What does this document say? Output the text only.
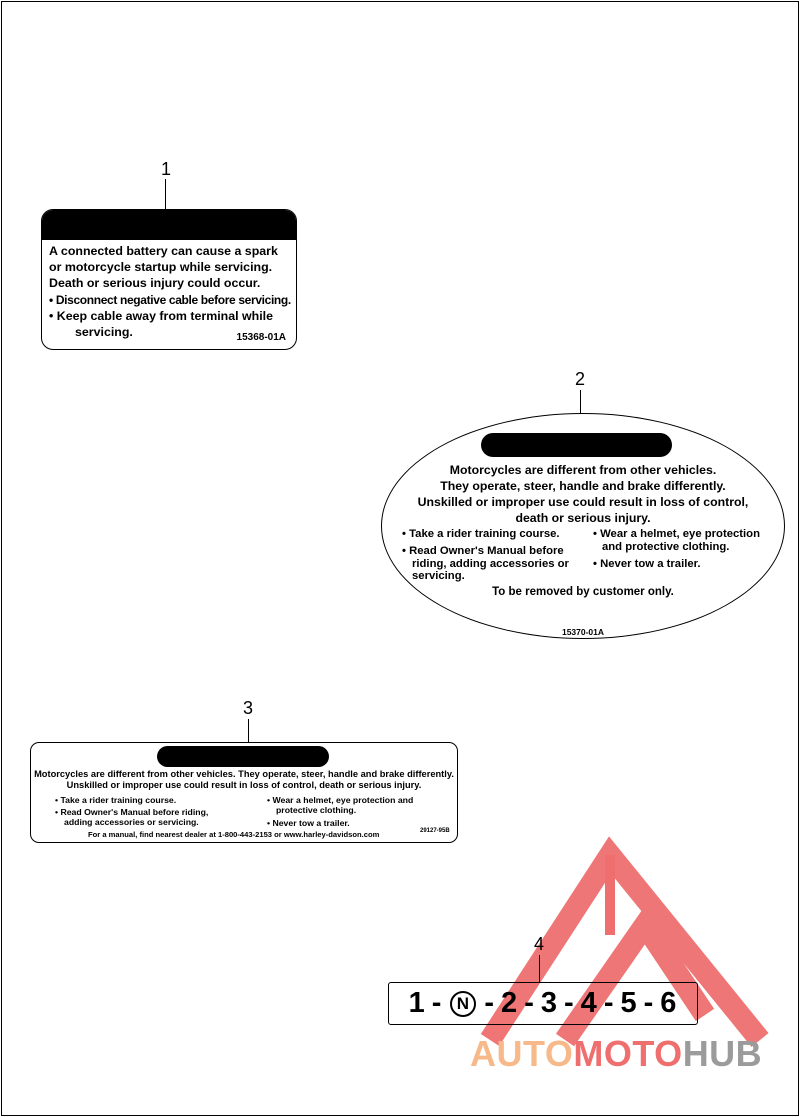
AUTOMOTOHUB
1
A connected battery can cause a spark
or motorcycle startup while servicing.
Death or serious injury could occur.
• Disconnect negative cable before servicing.
• Keep cable away from terminal while
servicing.	15368-01A
2
Motorcycles are different from other vehicles.
They operate, steer, handle and brake differently.
Unskilled or improper use could result in loss of control,
death or serious injury.
• Take a rider training course.
• Read Owner's Manual before
riding, adding accessories or
servicing.
• Wear a helmet, eye protection
and protective clothing.
• Never tow a trailer.
To be removed by customer only.
15370-01A
3
Motorcycles are different from other vehicles. They operate, steer, handle and brake differently.
Unskilled or improper use could result in loss of control, death or serious injury.
• Take a rider training course.
• Read Owner's Manual before riding,
adding accessories or servicing.
• Wear a helmet, eye protection and
protective clothing.
• Never tow a trailer.
For a manual, find nearest dealer at 1-800-443-2153 or www.harley-davidson.com	29127-95B
4
1 - N - 2 - 3 - 4 - 5 - 6
